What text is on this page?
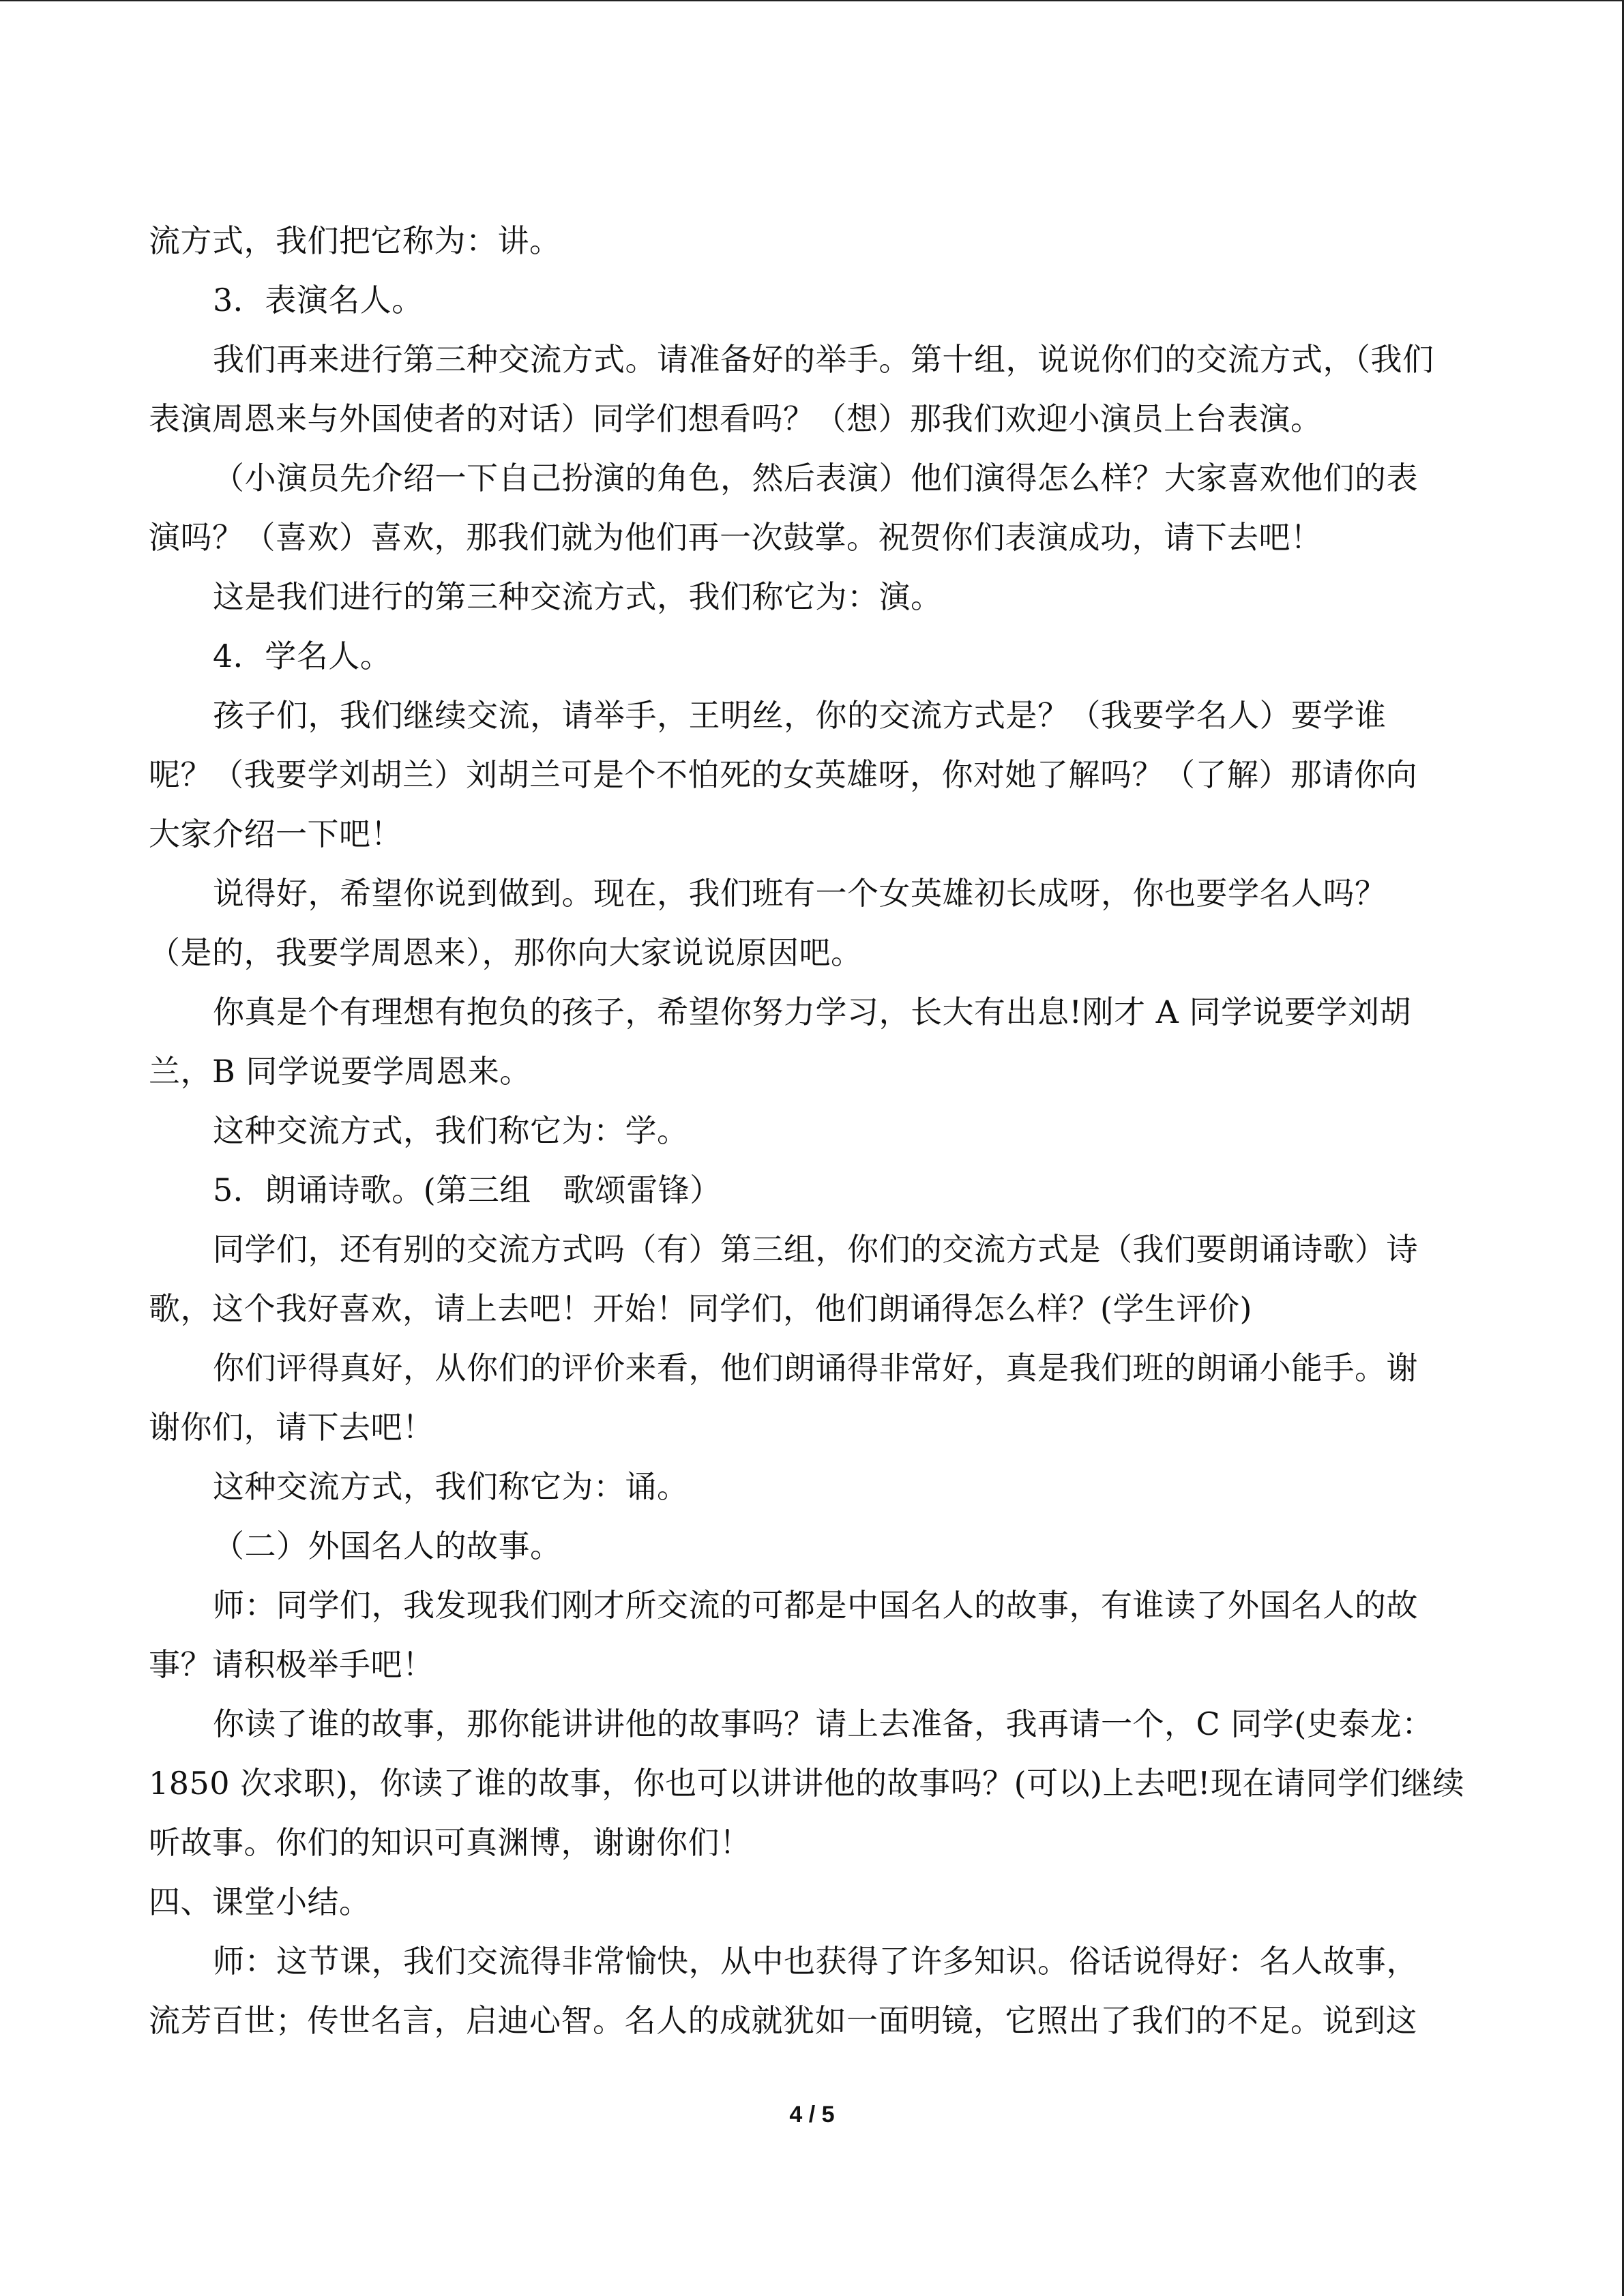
流方式，我们把它称为：讲。
3．表演名人。
我们再来进行第三种交流方式。请准备好的举手。第十组，说说你们的交流方式，（我们
表演周恩来与外国使者的对话）同学们想看吗？（想）那我们欢迎小演员上台表演。
（小演员先介绍一下自己扮演的角色，然后表演）他们演得怎么样？大家喜欢他们的表
演吗？（喜欢）喜欢，那我们就为他们再一次鼓掌。祝贺你们表演成功，请下去吧！
这是我们进行的第三种交流方式，我们称它为：演。
4．学名人。
孩子们，我们继续交流，请举手，王明丝，你的交流方式是？（我要学名人）要学谁
呢？（我要学刘胡兰）刘胡兰可是个不怕死的女英雄呀，你对她了解吗？（了解）那请你向
大家介绍一下吧！
说得好，希望你说到做到。现在，我们班有一个女英雄初长成呀，你也要学名人吗？
（是的，我要学周恩来），那你向大家说说原因吧。
你真是个有理想有抱负的孩子，希望你努力学习，长大有出息!刚才 A 同学说要学刘胡
兰，B 同学说要学周恩来。
这种交流方式，我们称它为：学。
5．朗诵诗歌。(第三组　歌颂雷锋）
同学们，还有别的交流方式吗（有）第三组，你们的交流方式是（我们要朗诵诗歌）诗
歌，这个我好喜欢，请上去吧！开始！同学们，他们朗诵得怎么样？(学生评价)
你们评得真好，从你们的评价来看，他们朗诵得非常好，真是我们班的朗诵小能手。谢
谢你们，请下去吧！
这种交流方式，我们称它为：诵。
（二）外国名人的故事。
师：同学们，我发现我们刚才所交流的可都是中国名人的故事，有谁读了外国名人的故
事？请积极举手吧！
你读了谁的故事，那你能讲讲他的故事吗？请上去准备，我再请一个，C 同学(史泰龙：
1850 次求职)，你读了谁的故事，你也可以讲讲他的故事吗？(可以)上去吧!现在请同学们继续
听故事。你们的知识可真渊博，谢谢你们！
四、课堂小结。
师：这节课，我们交流得非常愉快，从中也获得了许多知识。俗话说得好：名人故事，
流芳百世；传世名言，启迪心智。名人的成就犹如一面明镜，它照出了我们的不足。说到这
4 / 5
